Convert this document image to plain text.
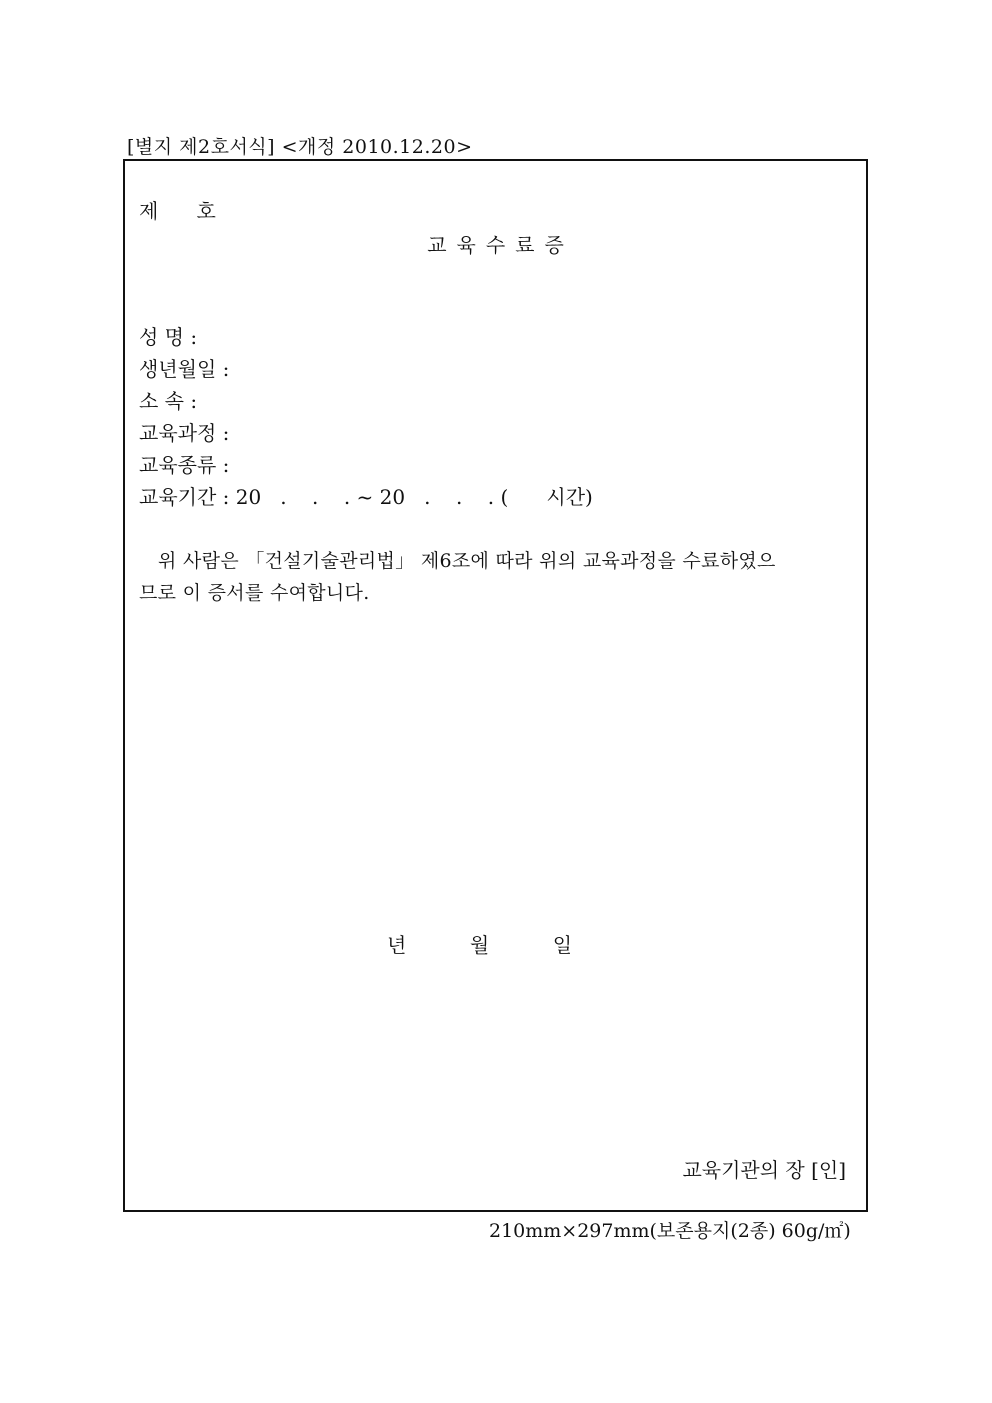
[별지 제2호서식] <개정 2010.12.20>
제      호
교육수료증
성 명 :
생년월일 :
소 속 :
교육과정 :
교육종류 :
교육기간 : 20   .    .    . ~ 20   .    .    . (      시간)
위 사람은 「건설기술관리법」 제6조에 따라 위의 교육과정을 수료하였으
므로 이 증서를 수여합니다.
년          월          일
교육기관의 장 [인]
210mm×297mm(보존용지(2종) 60g/㎡)
